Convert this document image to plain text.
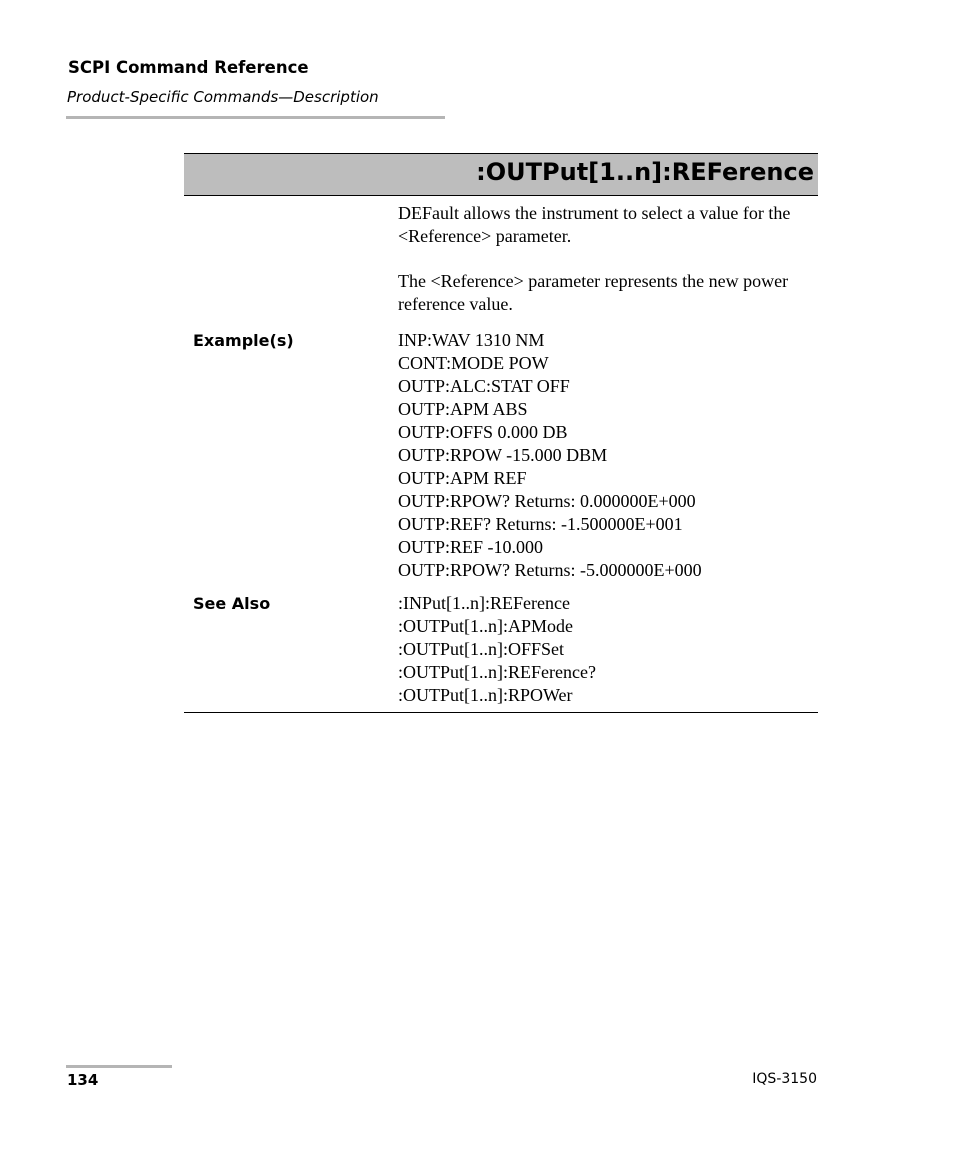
SCPI Command Reference
Product-Specific Commands—Description
:OUTPut[1..n]:REFerence
DEFault allows the instrument to select a value for the <Reference> parameter.
The <Reference> parameter represents the new power reference value.
Example(s)	INP:WAV 1310 NM
CONT:MODE POW
OUTP:ALC:STAT OFF
OUTP:APM ABS
OUTP:OFFS 0.000 DB
OUTP:RPOW -15.000 DBM
OUTP:APM REF
OUTP:RPOW? Returns: 0.000000E+000
OUTP:REF? Returns: -1.500000E+001
OUTP:REF -10.000
OUTP:RPOW? Returns: -5.000000E+000
See Also	:INPut[1..n]:REFerence
:OUTPut[1..n]:APMode
:OUTPut[1..n]:OFFSet
:OUTPut[1..n]:REFerence?
:OUTPut[1..n]:RPOWer
134	IQS-3150
